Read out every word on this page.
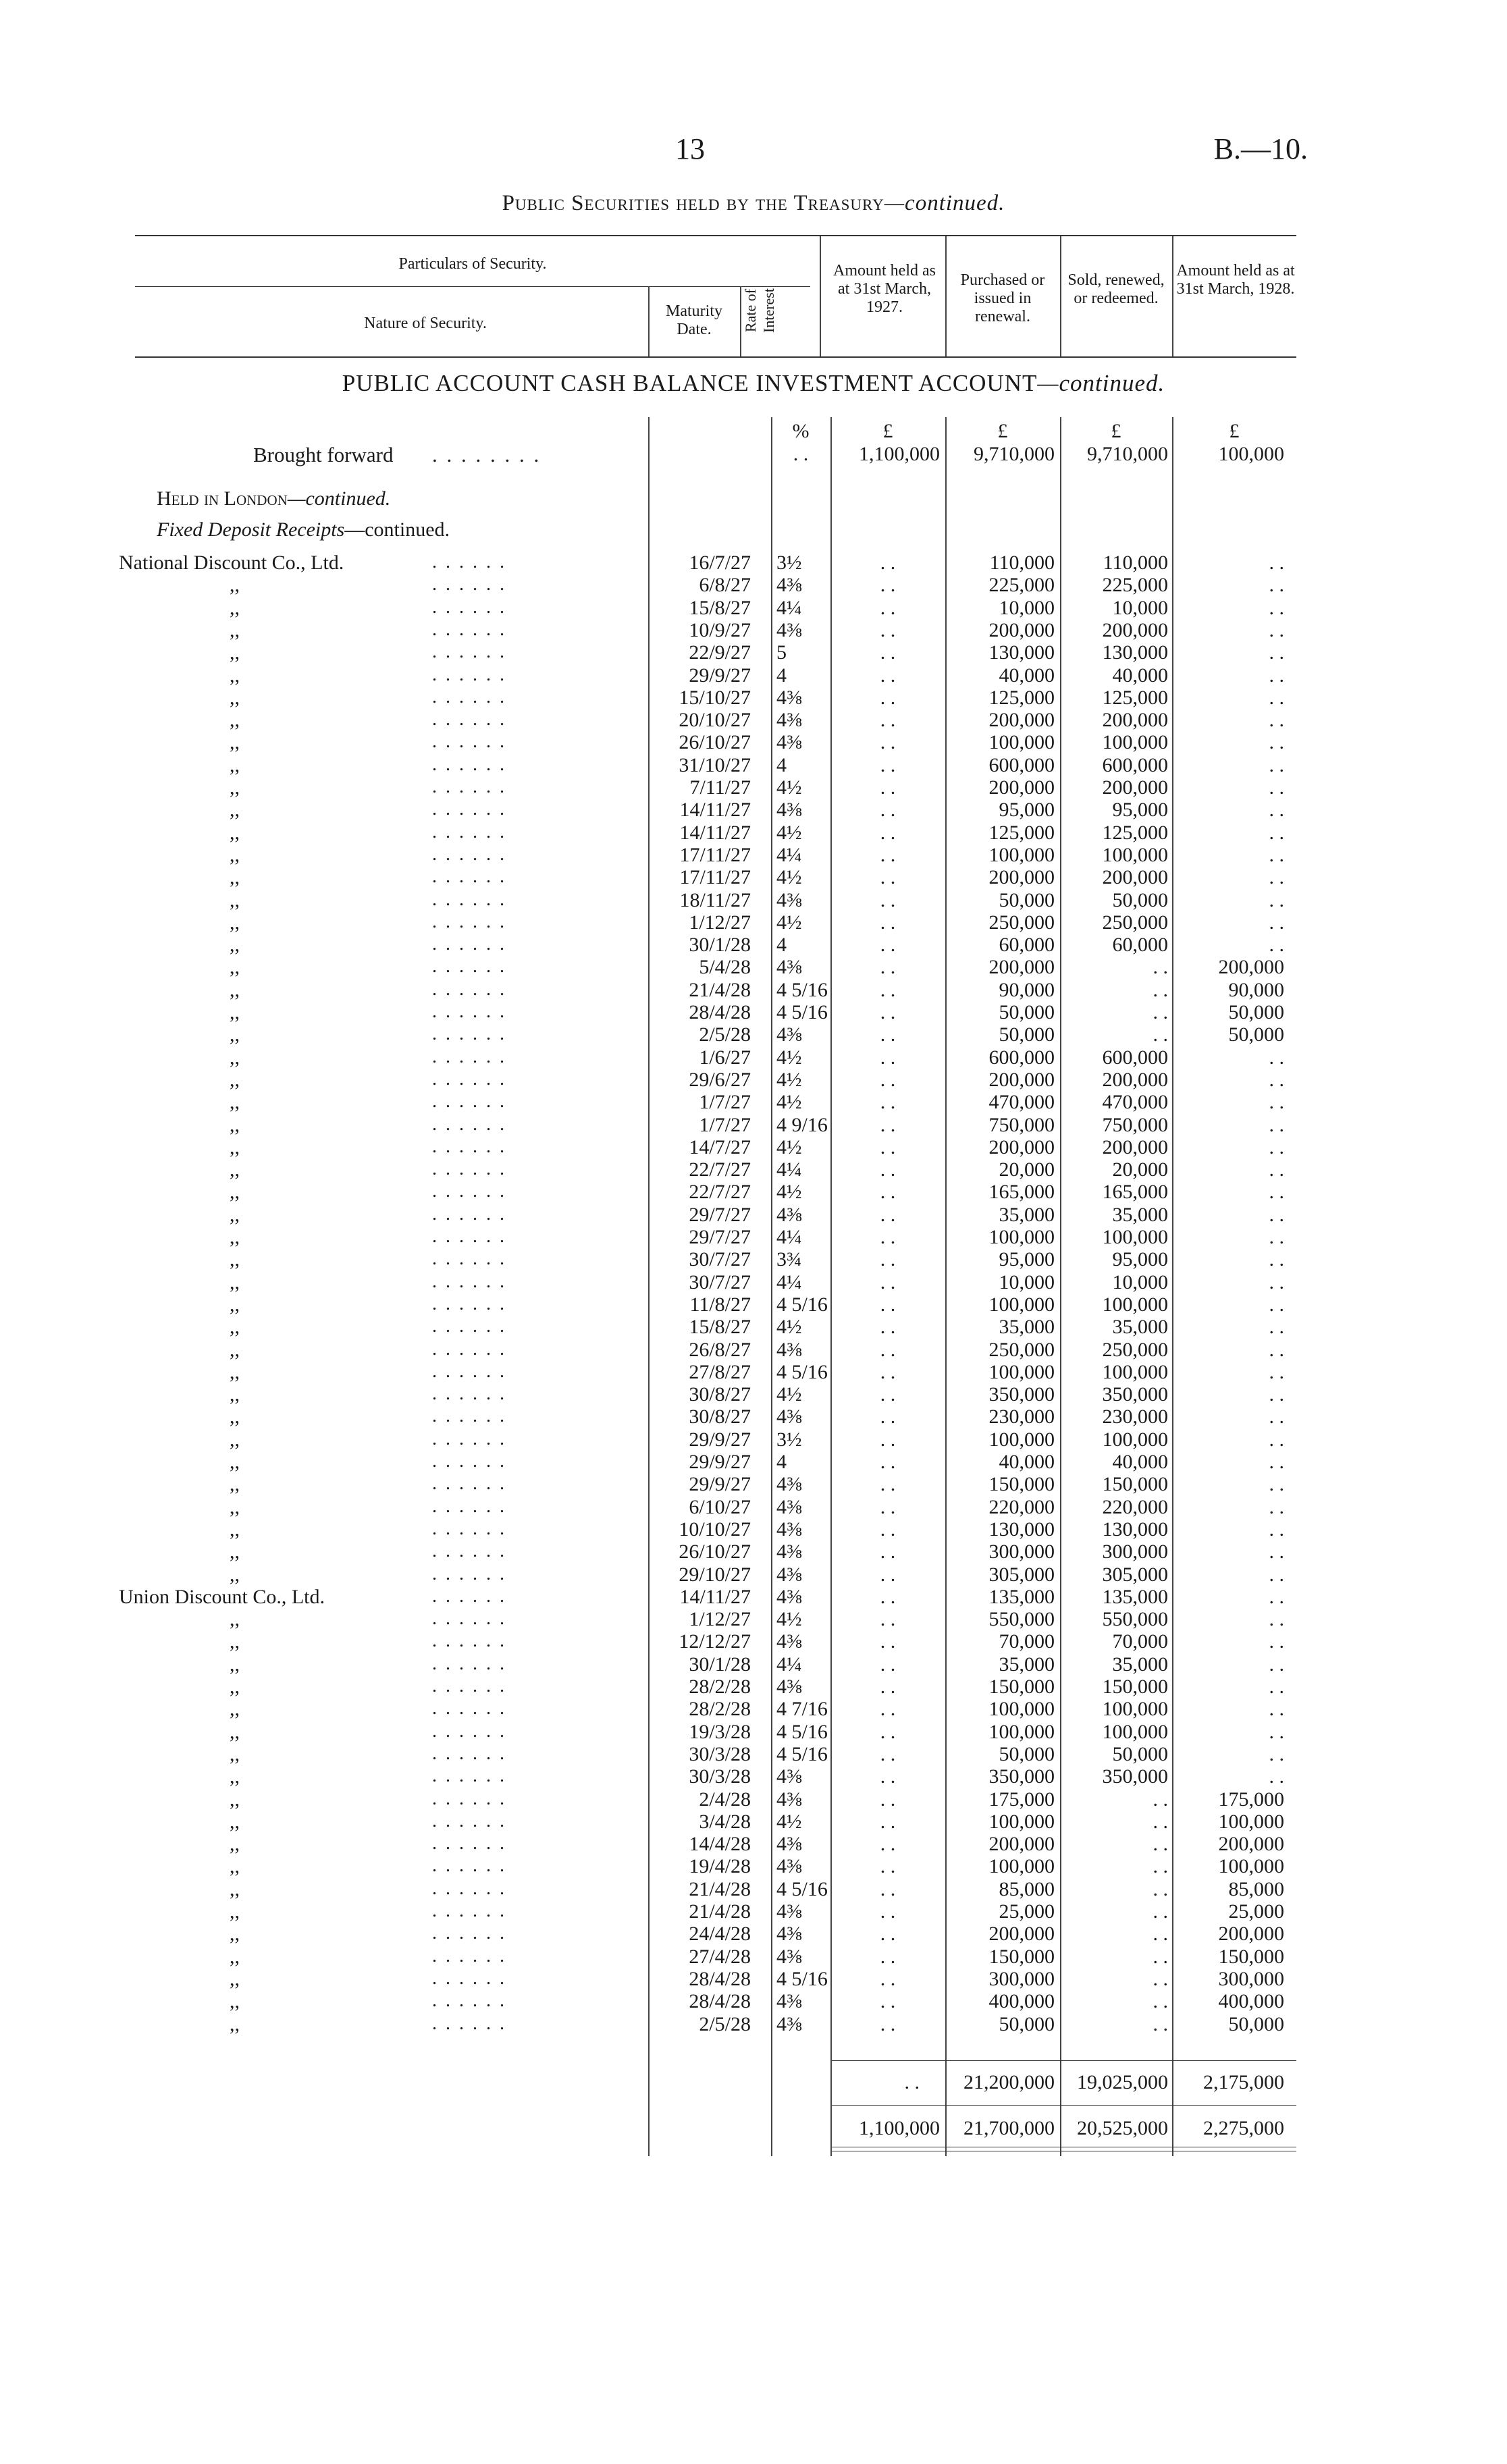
13	B.—10.
Public Securities held by the Treasury—continued.
Particulars of Security.
Nature of Security.
Maturity Date.	Rate of Interest
Amount held as at 31st March, 1927.
Purchased or issued in renewal.
Sold, renewed, or redeemed.
Amount held as at 31st March, 1928.
PUBLIC ACCOUNT CASH BALANCE INVESTMENT ACCOUNT—continued.
%	£	£	£	£
Brought forward . . . . . . . .	. .	1,100,000	9,710,000	9,710,000	100,000
Held in London—continued.
Fixed Deposit Receipts—continued.
National Discount Co., Ltd.	. . . . . .	16/7/27 3½	. .	110,000	110,000	. .
,,	. . . . . .	6/8/27 4⅜	. .	225,000	225,000	. .
,,	. . . . . .	15/8/27 4¼	. .	10,000	10,000	. .
,,	. . . . . .	10/9/27 4⅜	. .	200,000	200,000	. .
,,	. . . . . .	22/9/27 5	. .	130,000	130,000	. .
,,	. . . . . .	29/9/27 4	. .	40,000	40,000	. .
,,	. . . . . .	15/10/27 4⅜	. .	125,000	125,000	. .
,,	. . . . . .	20/10/27 4⅜	. .	200,000	200,000	. .
,,	. . . . . .	26/10/27 4⅜	. .	100,000	100,000	. .
,,	. . . . . .	31/10/27 4	. .	600,000	600,000	. .
,,	. . . . . .	7/11/27 4½	. .	200,000	200,000	. .
,,	. . . . . .	14/11/27 4⅜	. .	95,000	95,000	. .
,,	. . . . . .	14/11/27 4½	. .	125,000	125,000	. .
,,	. . . . . .	17/11/27 4¼	. .	100,000	100,000	. .
,,	. . . . . .	17/11/27 4½	. .	200,000	200,000	. .
,,	. . . . . .	18/11/27 4⅜	. .	50,000	50,000	. .
,,	. . . . . .	1/12/27 4½	. .	250,000	250,000	. .
,,	. . . . . .	30/1/28 4	. .	60,000	60,000	. .
,,	. . . . . .	5/4/28 4⅜	. .	200,000	. .	200,000
,,	. . . . . .	21/4/28 4 5/16	. .	90,000	. .	90,000
,,	. . . . . .	28/4/28 4 5/16	. .	50,000	. .	50,000
,,	. . . . . .	2/5/28 4⅜	. .	50,000	. .	50,000
,,	. . . . . .	1/6/27 4½	. .	600,000	600,000	. .
,,	. . . . . .	29/6/27 4½	. .	200,000	200,000	. .
,,	. . . . . .	1/7/27 4½	. .	470,000	470,000	. .
,,	. . . . . .	1/7/27 4 9/16	. .	750,000	750,000	. .
,,	. . . . . .	14/7/27 4½	. .	200,000	200,000	. .
,,	. . . . . .	22/7/27 4¼	. .	20,000	20,000	. .
,,	. . . . . .	22/7/27 4½	. .	165,000	165,000	. .
,,	. . . . . .	29/7/27 4⅜	. .	35,000	35,000	. .
,,	. . . . . .	29/7/27 4¼	. .	100,000	100,000	. .
,,	. . . . . .	30/7/27 3¾	. .	95,000	95,000	. .
,,	. . . . . .	30/7/27 4¼	. .	10,000	10,000	. .
,,	. . . . . .	11/8/27 4 5/16	. .	100,000	100,000	. .
,,	. . . . . .	15/8/27 4½	. .	35,000	35,000	. .
,,	. . . . . .	26/8/27 4⅜	. .	250,000	250,000	. .
,,	. . . . . .	27/8/27 4 5/16	. .	100,000	100,000	. .
,,	. . . . . .	30/8/27 4½	. .	350,000	350,000	. .
,,	. . . . . .	30/8/27 4⅜	. .	230,000	230,000	. .
,,	. . . . . .	29/9/27 3½	. .	100,000	100,000	. .
,,	. . . . . .	29/9/27 4	. .	40,000	40,000	. .
,,	. . . . . .	29/9/27 4⅜	. .	150,000	150,000	. .
,,	. . . . . .	6/10/27 4⅜	. .	220,000	220,000	. .
,,	. . . . . .	10/10/27 4⅜	. .	130,000	130,000	. .
,,	. . . . . .	26/10/27 4⅜	. .	300,000	300,000	. .
,,	. . . . . .	29/10/27 4⅜	. .	305,000	305,000	. .
Union Discount Co., Ltd.	. . . . . .	14/11/27 4⅜	. .	135,000	135,000	. .
,,	. . . . . .	1/12/27 4½	. .	550,000	550,000	. .
,,	. . . . . .	12/12/27 4⅜	. .	70,000	70,000	. .
,,	. . . . . .	30/1/28 4¼	. .	35,000	35,000	. .
,,	. . . . . .	28/2/28 4⅜	. .	150,000	150,000	. .
,,	. . . . . .	28/2/28 4 7/16	. .	100,000	100,000	. .
,,	. . . . . .	19/3/28 4 5/16	. .	100,000	100,000	. .
,,	. . . . . .	30/3/28 4 5/16	. .	50,000	50,000	. .
,,	. . . . . .	30/3/28 4⅜	. .	350,000	350,000	. .
,,	. . . . . .	2/4/28 4⅜	. .	175,000	. .	175,000
,,	. . . . . .	3/4/28 4½	. .	100,000	. .	100,000
,,	. . . . . .	14/4/28 4⅜	. .	200,000	. .	200,000
,,	. . . . . .	19/4/28 4⅜	. .	100,000	. .	100,000
,,	. . . . . .	21/4/28 4 5/16	. .	85,000	. .	85,000
,,	. . . . . .	21/4/28 4⅜	. .	25,000	. .	25,000
,,	. . . . . .	24/4/28 4⅜	. .	200,000	. .	200,000
,,	. . . . . .	27/4/28 4⅜	. .	150,000	. .	150,000
,,	. . . . . .	28/4/28 4 5/16	. .	300,000	. .	300,000
,,	. . . . . .	28/4/28 4⅜	. .	400,000	. .	400,000
,,	. . . . . .	2/5/28 4⅜	. .	50,000	. .	50,000
. .	21,200,000	19,025,000	2,175,000
1,100,000	21,700,000	20,525,000	2,275,000
